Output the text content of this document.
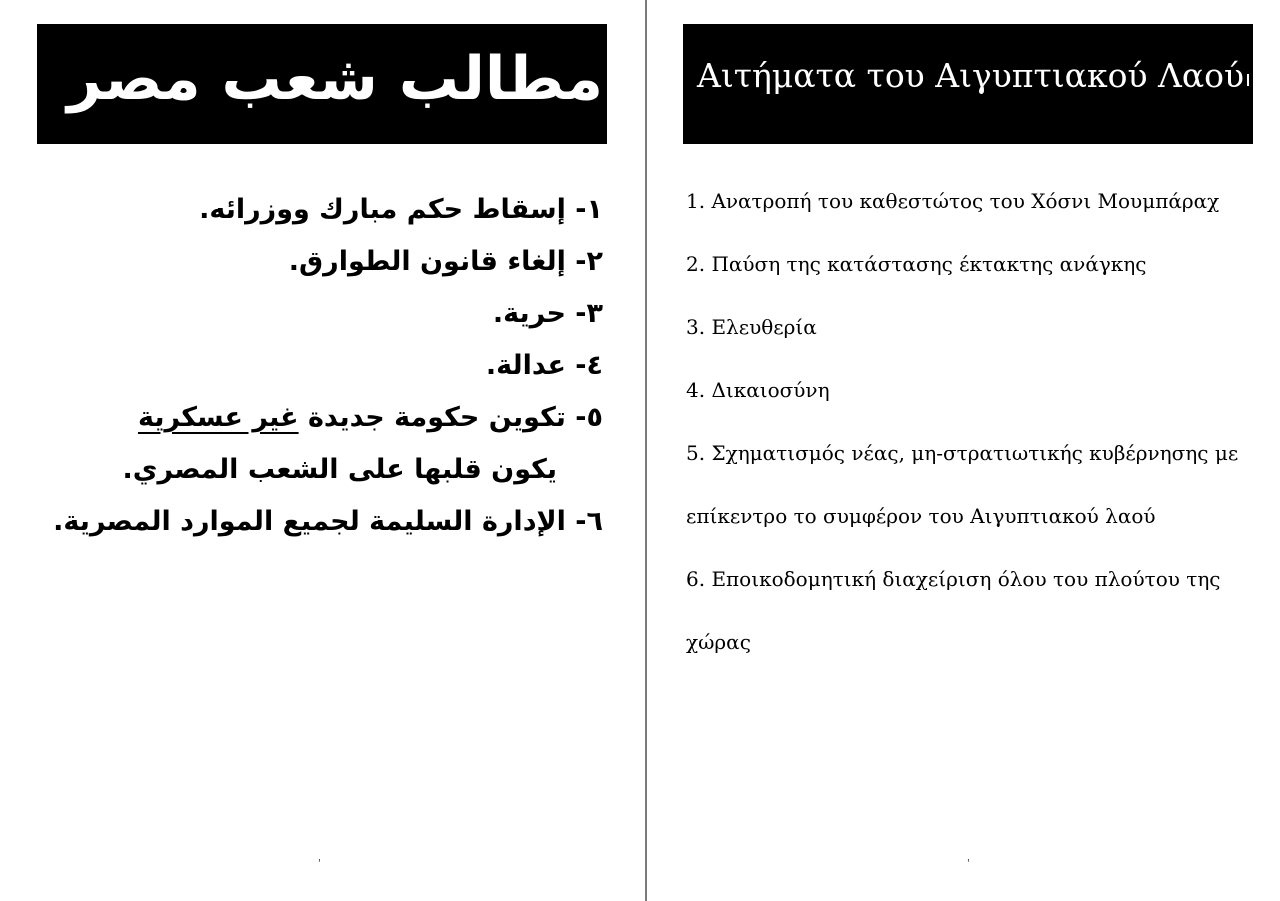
مطالب شعب مصر
١- إسقاط حكم مبارك ووزرائه.
٢- إلغاء قانون الطوارق.
٣- حرية.
٤- عدالة.
٥- تكوين حكومة جديدة غير عسكرية
يكون قلبها على الشعب المصري.
٦- الإدارة السليمة لجميع الموارد المصرية.
'
Αιτήματα του Αιγυπτιακού Λαού
1. Ανατροπή του καθεστώτος του Χόσνι Μουμπάραχ
2. Παύση της κατάστασης έκτακτης ανάγκης
3. Ελευθερία
4. Δικαιοσύνη
5. Σχηματισμός νέας, μη-στρατιωτικής κυβέρνησης με
επίκεντρο το συμφέρον του Αιγυπτιακού λαού
6. Εποικοδομητική διαχείριση όλου του πλούτου της
χώρας
'
